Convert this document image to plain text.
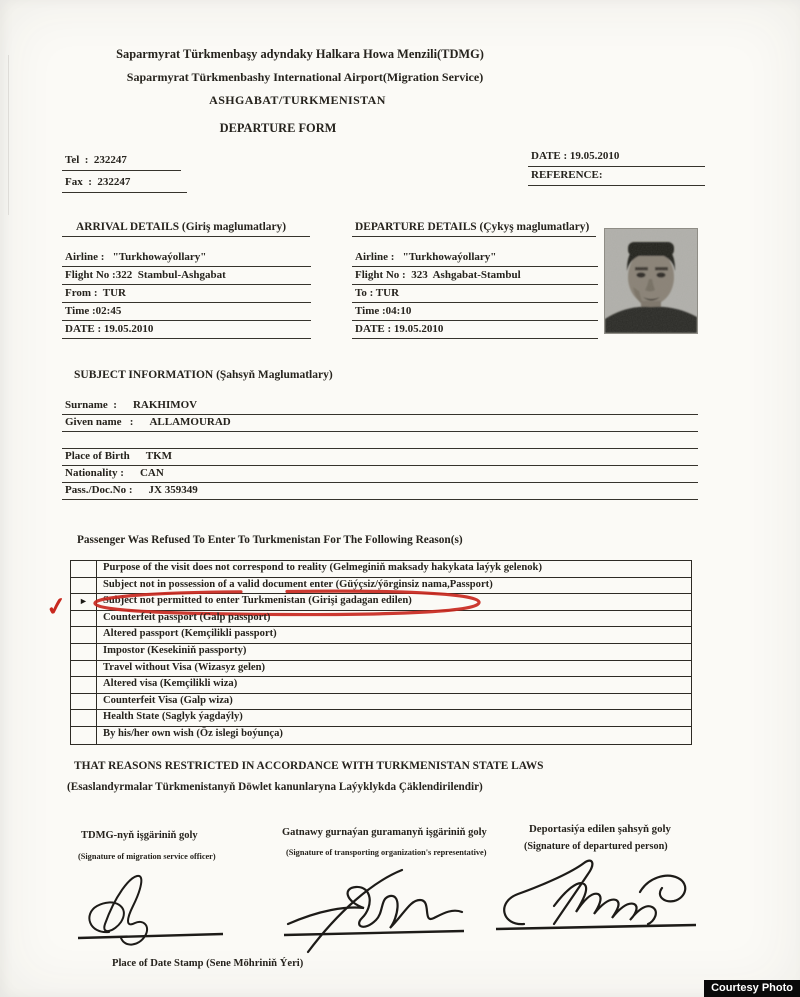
Saparmyrat Türkmenbaşy adyndaky Halkara Howa Menzili(TDMG)
Saparmyrat Türkmenbashy International Airport(Migration Service)
ASHGABAT/TURKMENISTAN
DEPARTURE FORM
Tel  :  232247
Fax  :  232247
DATE : 19.05.2010
REFERENCE:
ARRIVAL DETAILS (Giriş maglumatlary)
Airline :   "Turkhowaýollary"
Flight No :322  Stambul-Ashgabat
From :  TUR
Time :02:45
DATE : 19.05.2010
DEPARTURE DETAILS (Çykyş maglumatlary)
Airline :   "Turkhowaýollary"
Flight No :  323  Ashgabat-Stambul
To : TUR
Time :04:10
DATE : 19.05.2010
SUBJECT INFORMATION (Şahsyň Maglumatlary)
Surname  : RAKHIMOV
Given name   : ALLAMOURAD
Place of Birth TKM
Nationality : CAN
Pass./Doc.No : JX 359349
Passenger Was Refused To Enter To Turkmenistan For The Following Reason(s)
✓
Purpose of the visit does not correspond to reality (Gelmeginiň maksady hakykata laýyk gelenok)
Subject not in possession of a valid document enter (Güýçsiz/ýörginsiz nama,Passport)
►	Subject not permitted to enter Turkmenistan (Girişi gadagan edilen)
Counterfeit passport (Galp passport)
Altered passport (Kemçilikli passport)
Impostor (Kesekiniň passporty)
Travel without Visa (Wizasyz gelen)
Altered visa (Kemçilikli wiza)
Counterfeit Visa (Galp wiza)
Health State (Saglyk ýagdaýly)
By his/her own wish (Öz islegi boýunça)
THAT REASONS RESTRICTED IN ACCORDANCE WITH TURKMENISTAN STATE LAWS
(Esaslandyrmalar Türkmenistanyň Döwlet kanunlaryna Laýyklykda Çäklendirilendir)
TDMG-nyň işgäriniň goly
(Signature of migration service officer)
Gatnawy gurnaýan guramanyň işgäriniň goly
(Signature of transporting organization's representative)
Deportasiýa edilen şahsyň goly
(Signature of departured person)
Place of Date Stamp (Sene Möhriniň Ýeri)
Courtesy Photo
